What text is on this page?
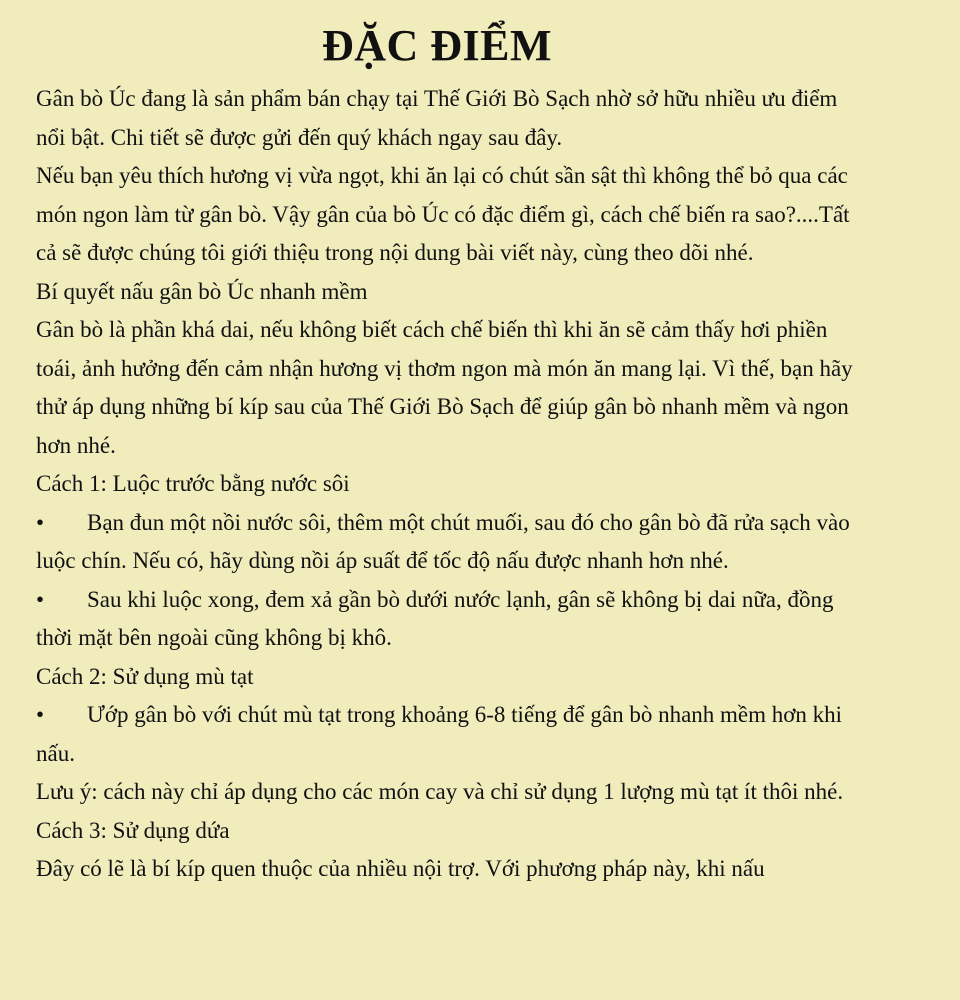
ĐẶC ĐIỂM

Gân bò Úc đang là sản phẩm bán chạy tại Thế Giới Bò Sạch nhờ sở hữu nhiều ưu điểm nổi bật. Chi tiết sẽ được gửi đến quý khách ngay sau đây.

Nếu bạn yêu thích hương vị vừa ngọt, khi ăn lại có chút sần sật thì không thể bỏ qua các món ngon làm từ gân bò. Vậy gân của bò Úc có đặc điểm gì, cách chế biến ra sao?....Tất cả sẽ được chúng tôi giới thiệu trong nội dung bài viết này, cùng theo dõi nhé.

Bí quyết nấu gân bò Úc nhanh mềm

Gân bò là phần khá dai, nếu không biết cách chế biến thì khi ăn sẽ cảm thấy hơi phiền toái, ảnh hưởng đến cảm nhận hương vị thơm ngon mà món ăn mang lại. Vì thế, bạn hãy thử áp dụng những bí kíp sau của Thế Giới Bò Sạch để giúp gân bò nhanh mềm và ngon hơn nhé.

Cách 1: Luộc trước bằng nước sôi

• Bạn đun một nồi nước sôi, thêm một chút muối, sau đó cho gân bò đã rửa sạch vào luộc chín. Nếu có, hãy dùng nồi áp suất để tốc độ nấu được nhanh hơn nhé.

• Sau khi luộc xong, đem xả gần bò dưới nước lạnh, gân sẽ không bị dai nữa, đồng thời mặt bên ngoài cũng không bị khô.

Cách 2: Sử dụng mù tạt

• Ướp gân bò với chút mù tạt trong khoảng 6-8 tiếng để gân bò nhanh mềm hơn khi nấu.

Lưu ý: cách này chỉ áp dụng cho các món cay và chỉ sử dụng 1 lượng mù tạt ít thôi nhé.

Cách 3: Sử dụng dứa

Đây có lẽ là bí kíp quen thuộc của nhiều nội trợ. Với phương pháp này, khi nấu
